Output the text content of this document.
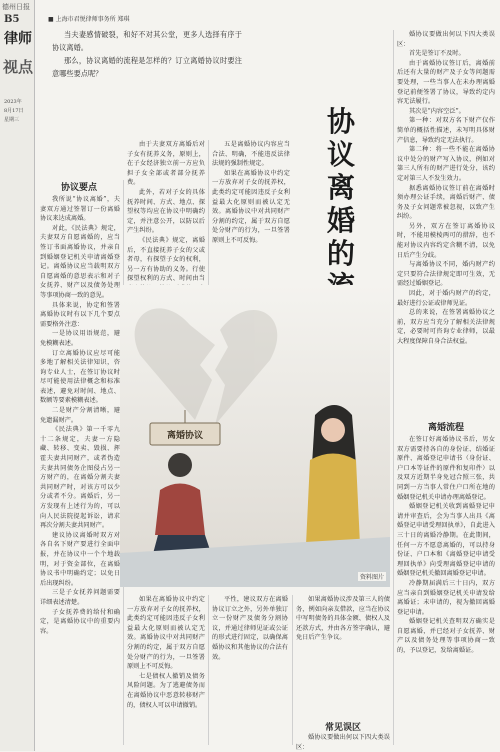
德州日报
B5
律师
视点
2023年
8月17日
星期三
■ 上海市君悦律师事务所 郑琪

当夫妻感情破裂，和好不对其公堂，更多人选择有序于协议离婚。

那么，协议离婚的流程是怎样的？订立离婚协议时要注意哪些要点呢？

协议离婚的
协议要点

我所说“协议离婚”，夫妻双方通过签署订一份离婚协议来达成离婚。

对此，《民法典》规定，夫妻双方自愿离婚的，应当签订书面离婚协议，并亲自到婚姻登记机关申请离婚登记。离婚协议应当载明双方自愿离婚的意思表示和对子女抚养、财产以及债务处理等事项协商一致的意见。

具体来说，协定和签署离婚协议时有以下几个要点需要格外注意：

一是协议用语规范，避免模糊表述。

订立离婚协议应尽可能多地了解相关法律知识，咨询专业人士，在签订协议时尽可能使用法律概念和标准表述，避免对时间、地点、数额等要素模糊表述。

二是财产分割清晰，避免遗漏财产。

《民法典》第一千零九十二条规定，夫妻一方隐藏、转移、变卖、毁损、挥霍夫妻共同财产，或者伪造夫妻共同债务企图侵占另一方财产的，在离婚分割夫妻共同财产时，对该方可以少分或者不分。离婚后，另一方发现有上述行为的，可以向人民法院提起诉讼，请求再次分割夫妻共同财产。

建议协议离婚时双方对各自名下财产要进行全面申报，并在协议中一个个地载明，对于资金部位，在离婚协议书中明确约定；以免日后出现纠纷。

三是子女抚养问题需要详细表述清楚。

子女抚养费的给付和确定，是离婚协议中的重要内容。

由于夫妻双方离婚后对子女有抚养义务，原则上，在子女经济独立前一方应负担子女全部或者部分抚养费。

此外，若对子女的具体抚养时间、方式、地点、探望权等均应在协议中明确约定，并注意公开，以防以后产生纠纷。

《民法典》规定，离婚后，不直接抚养子女的父或者母，有探望子女的权利，另一方有协助的义务。行使探望权利的方式、时间由当

五是离婚协议内容应当合法、明确，不能违反法律法规的强制性规定。

如果在离婚协议中约定一方放弃对子女的抚养权，此类约定可能因违反子女利益最大化原则而被认定无效。离婚协议中对共同财产分割的约定，属于双方自愿处分财产的行为，一旦签署原则上不可反悔。

离婚协议
资料图片

如果在离婚协议中约定一方放弃对子女的抚养权，此类约定可能因违反子女利益最大化原则而被认定无效。离婚协议中对共同财产分割的约定，属于双方自愿处分财产的行为，一旦签署原则上不可反悔。

七是债权人撤销及债务风险问题。为了逃避债务而在离婚协议中恶意转移财产的，债权人可以申请撤销。

平性，建议双方在离婚协议订立之外，另外单独订立一份财产及债务分割协议，并通过律师见证或公证的形式进行固定，以确保离婚协议和其他协议的合法有效。

如果离婚协议涉及第三人的债务，例如向亲友借款，应当在协议中写明债务的具体金额、债权人及还款方式，并由各方签字确认，避免日后产生争议。

常见误区

婚协议要做出何以下四大类误区：

婚协议要做出何以下四大类误区：

首先是签订不及时。

由于离婚协议签订后，离婚前后还有大量的财产及子女等问题需要处理，一些当事人在未办理离婚登记前便签署了协议，导致约定内容无法履行。

其次是“内容空泛”。

第一种：对双方名下财产仅作简单的概括性描述，未写明具体财产信息，导致约定无法执行。

第二种：将一些不能在离婚协议中处分的财产写入协议，例如对第三人所有的财产进行处分，该约定对第三人不发生效力。

据悉离婚协议签订前在离婚时须办理公证手续，离婚后财产、债务及子女问题常被忽视，以致产生纠纷。

另外，双方在签订离婚协议时，不能用模棱两可的措辞，也不能对协议内容约定含糊不清，以免日后产生分歧。

与离婚协议不同，婚内财产约定只要符合法律规定即可生效，无需经过婚姻登记。

因此，对于婚内财产的约定，最好进行公证或律师见证。

总的来说，在签署离婚协议之前，双方应当充分了解相关法律规定，必要时可咨询专业律师，以最大程度保障自身合法权益。

离婚流程

在签订好离婚协议书后，男女双方需要持各自的身份证、结婚证原件、离婚登记申请书（身份证、户口本等证件的原件和复印件）以及双方近期半身免冠合照三张，共同到一方当事人常住户口所在地的婚姻登记机关申请办理离婚登记。

婚姻登记机关收到离婚登记申请并审查后，会为当事人出具《离婚登记申请受理回执单》，自此进入三十日的离婚冷静期。在此期间，任何一方不愿意离婚的，可以持身份证、户口本和《离婚登记申请受理回执单》向受理离婚登记申请的婚姻登记机关撤回离婚登记申请。

冷静期届满后三十日内，双方应当亲自到婚姻登记机关申请发给离婚证；未申请的，视为撤回离婚登记申请。

婚姻登记机关查明双方确实是自愿离婚，并已经对子女抚养、财产以及债务处理等事项协商一致的，予以登记，发给离婚证。
